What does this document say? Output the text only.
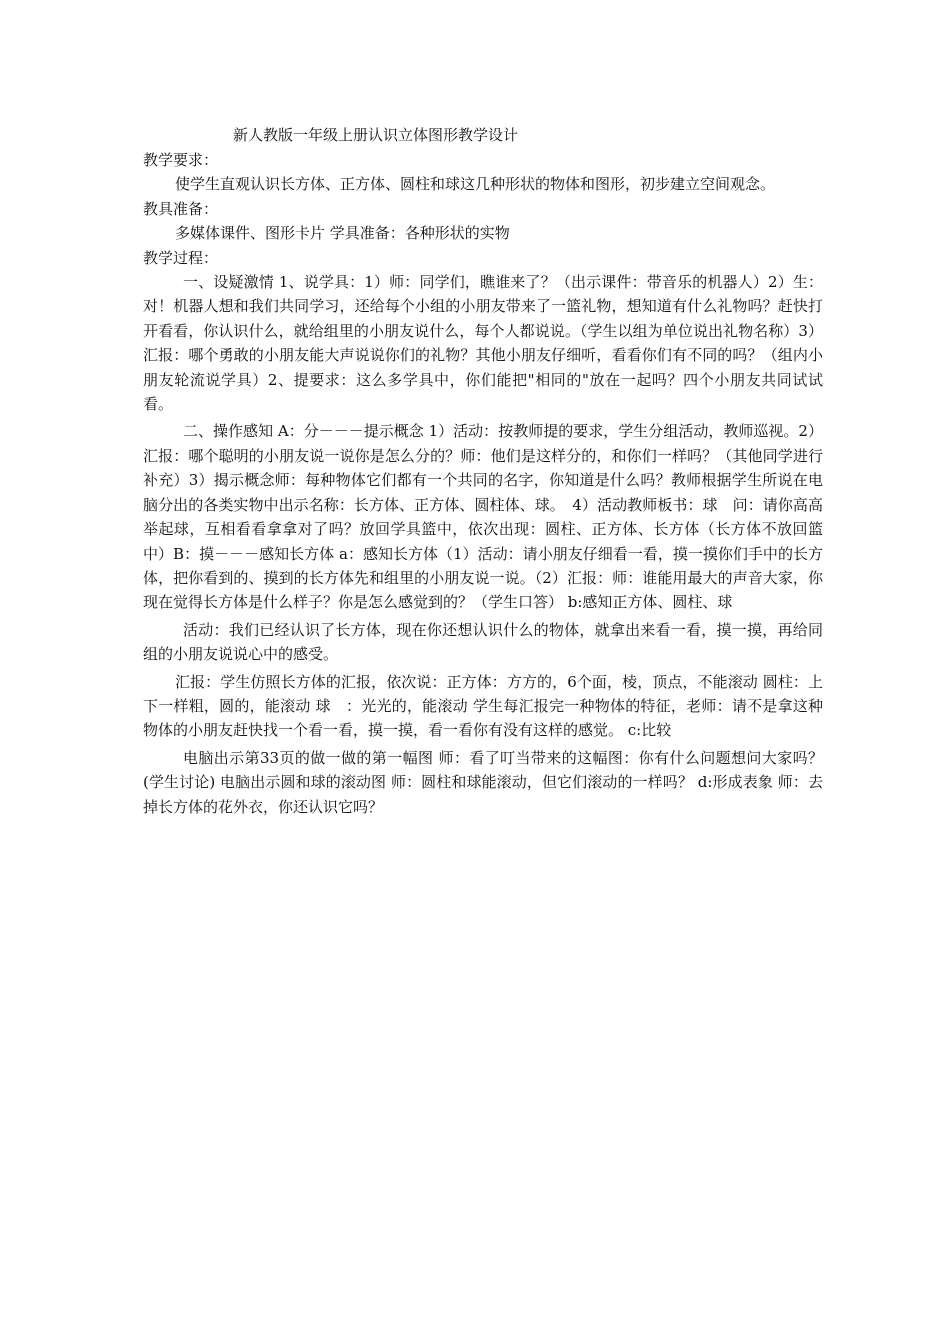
新人教版一年级上册认识立体图形教学设计

教学要求：

使学生直观认识长方体、正方体、圆柱和球这几种形状的物体和图形，初步建立空间观念。

教具准备：

多媒体课件、图形卡片 学具准备：各种形状的实物

教学过程：

一、设疑激情 1、说学具：1）师：同学们，瞧谁来了？（出示课件：带音乐的机器人）2）生：对！机器人想和我们共同学习，还给每个小组的小朋友带来了一篮礼物，想知道有什么礼物吗？赶快打开看看，你认识什么，就给组里的小朋友说什么，每个人都说说。（学生以组为单位说出礼物名称）3）汇报：哪个勇敢的小朋友能大声说说你们的礼物？其他小朋友仔细听，看看你们有不同的吗？（组内小朋友轮流说学具）2、提要求：这么多学具中，你们能把"相同的"放在一起吗？四个小朋友共同试试看。

二、操作感知 A：分－－－提示概念 1）活动：按教师提的要求，学生分组活动，教师巡视。2）汇报：哪个聪明的小朋友说一说你是怎么分的？师：他们是这样分的，和你们一样吗？（其他同学进行补充）3）揭示概念师：每种物体它们都有一个共同的名字，你知道是什么吗？教师根据学生所说在电脑分出的各类实物中出示名称：长方体、正方体、圆柱体、球。　4）活动教师板书：球　问：请你高高举起球，互相看看拿拿对了吗？放回学具篮中，依次出现：圆柱、正方体、长方体（长方体不放回篮中）B：摸－－－感知长方体 a：感知长方体（1）活动：请小朋友仔细看一看，摸一摸你们手中的长方体，把你看到的、摸到的长方体先和组里的小朋友说一说。（2）汇报：师：谁能用最大的声音大家，你现在觉得长方体是什么样子？你是怎么感觉到的？（学生口答） b:感知正方体、圆柱、球

活动：我们已经认识了长方体，现在你还想认识什么的物体，就拿出来看一看，摸一摸，再给同组的小朋友说说心中的感受。

汇报：学生仿照长方体的汇报，依次说：正方体：方方的，6个面，棱，顶点，不能滚动 圆柱：上下一样粗，圆的，能滚动 球　：光光的，能滚动 学生每汇报完一种物体的特征，老师：请不是拿这种物体的小朋友赶快找一个看一看，摸一摸，看一看你有没有这样的感觉。 c:比较

电脑出示第33页的做一做的第一幅图 师：看了叮当带来的这幅图：你有什么问题想问大家吗？(学生讨论) 电脑出示圆和球的滚动图 师：圆柱和球能滚动，但它们滚动的一样吗？ d:形成表象 师：去掉长方体的花外衣，你还认识它吗？
